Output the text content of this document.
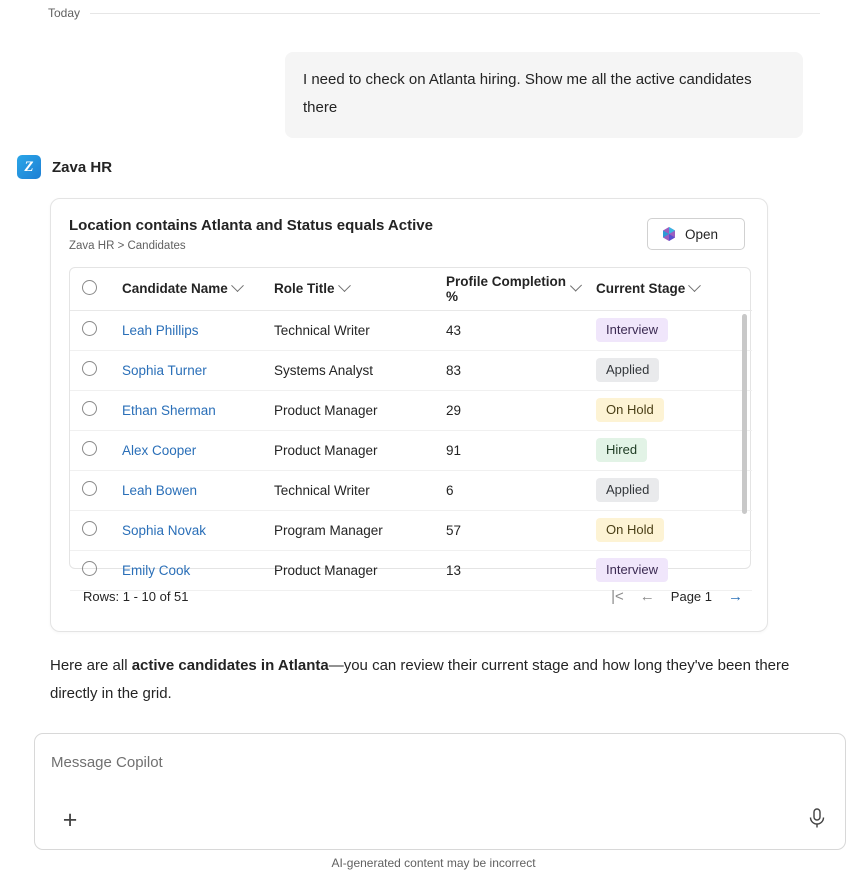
Today
I need to check on Atlanta hiring. Show me all the active candidates there
Z	Zava HR
Location contains Atlanta and Status equals Active
Zava HR > Candidates
Open

	Candidate Name	Role Title	Profile Completion %	Current Stage

	Leah Phillips	Technical Writer	43	Interview
	Sophia Turner	Systems Analyst	83	Applied
	Ethan Sherman	Product Manager	29	On Hold
	Alex Cooper	Product Manager	91	Hired
	Leah Bowen	Technical Writer	6	Applied
	Sophia Novak	Program Manager	57	On Hold
	Emily Cook	Product Manager	13	Interview
Rows: 1 - 10 of 51	|< ← Page 1 →
Here are all active candidates in Atlanta—you can review their current stage and how long they've been there directly in the grid.
Message Copilot
+
AI-generated content may be incorrect
